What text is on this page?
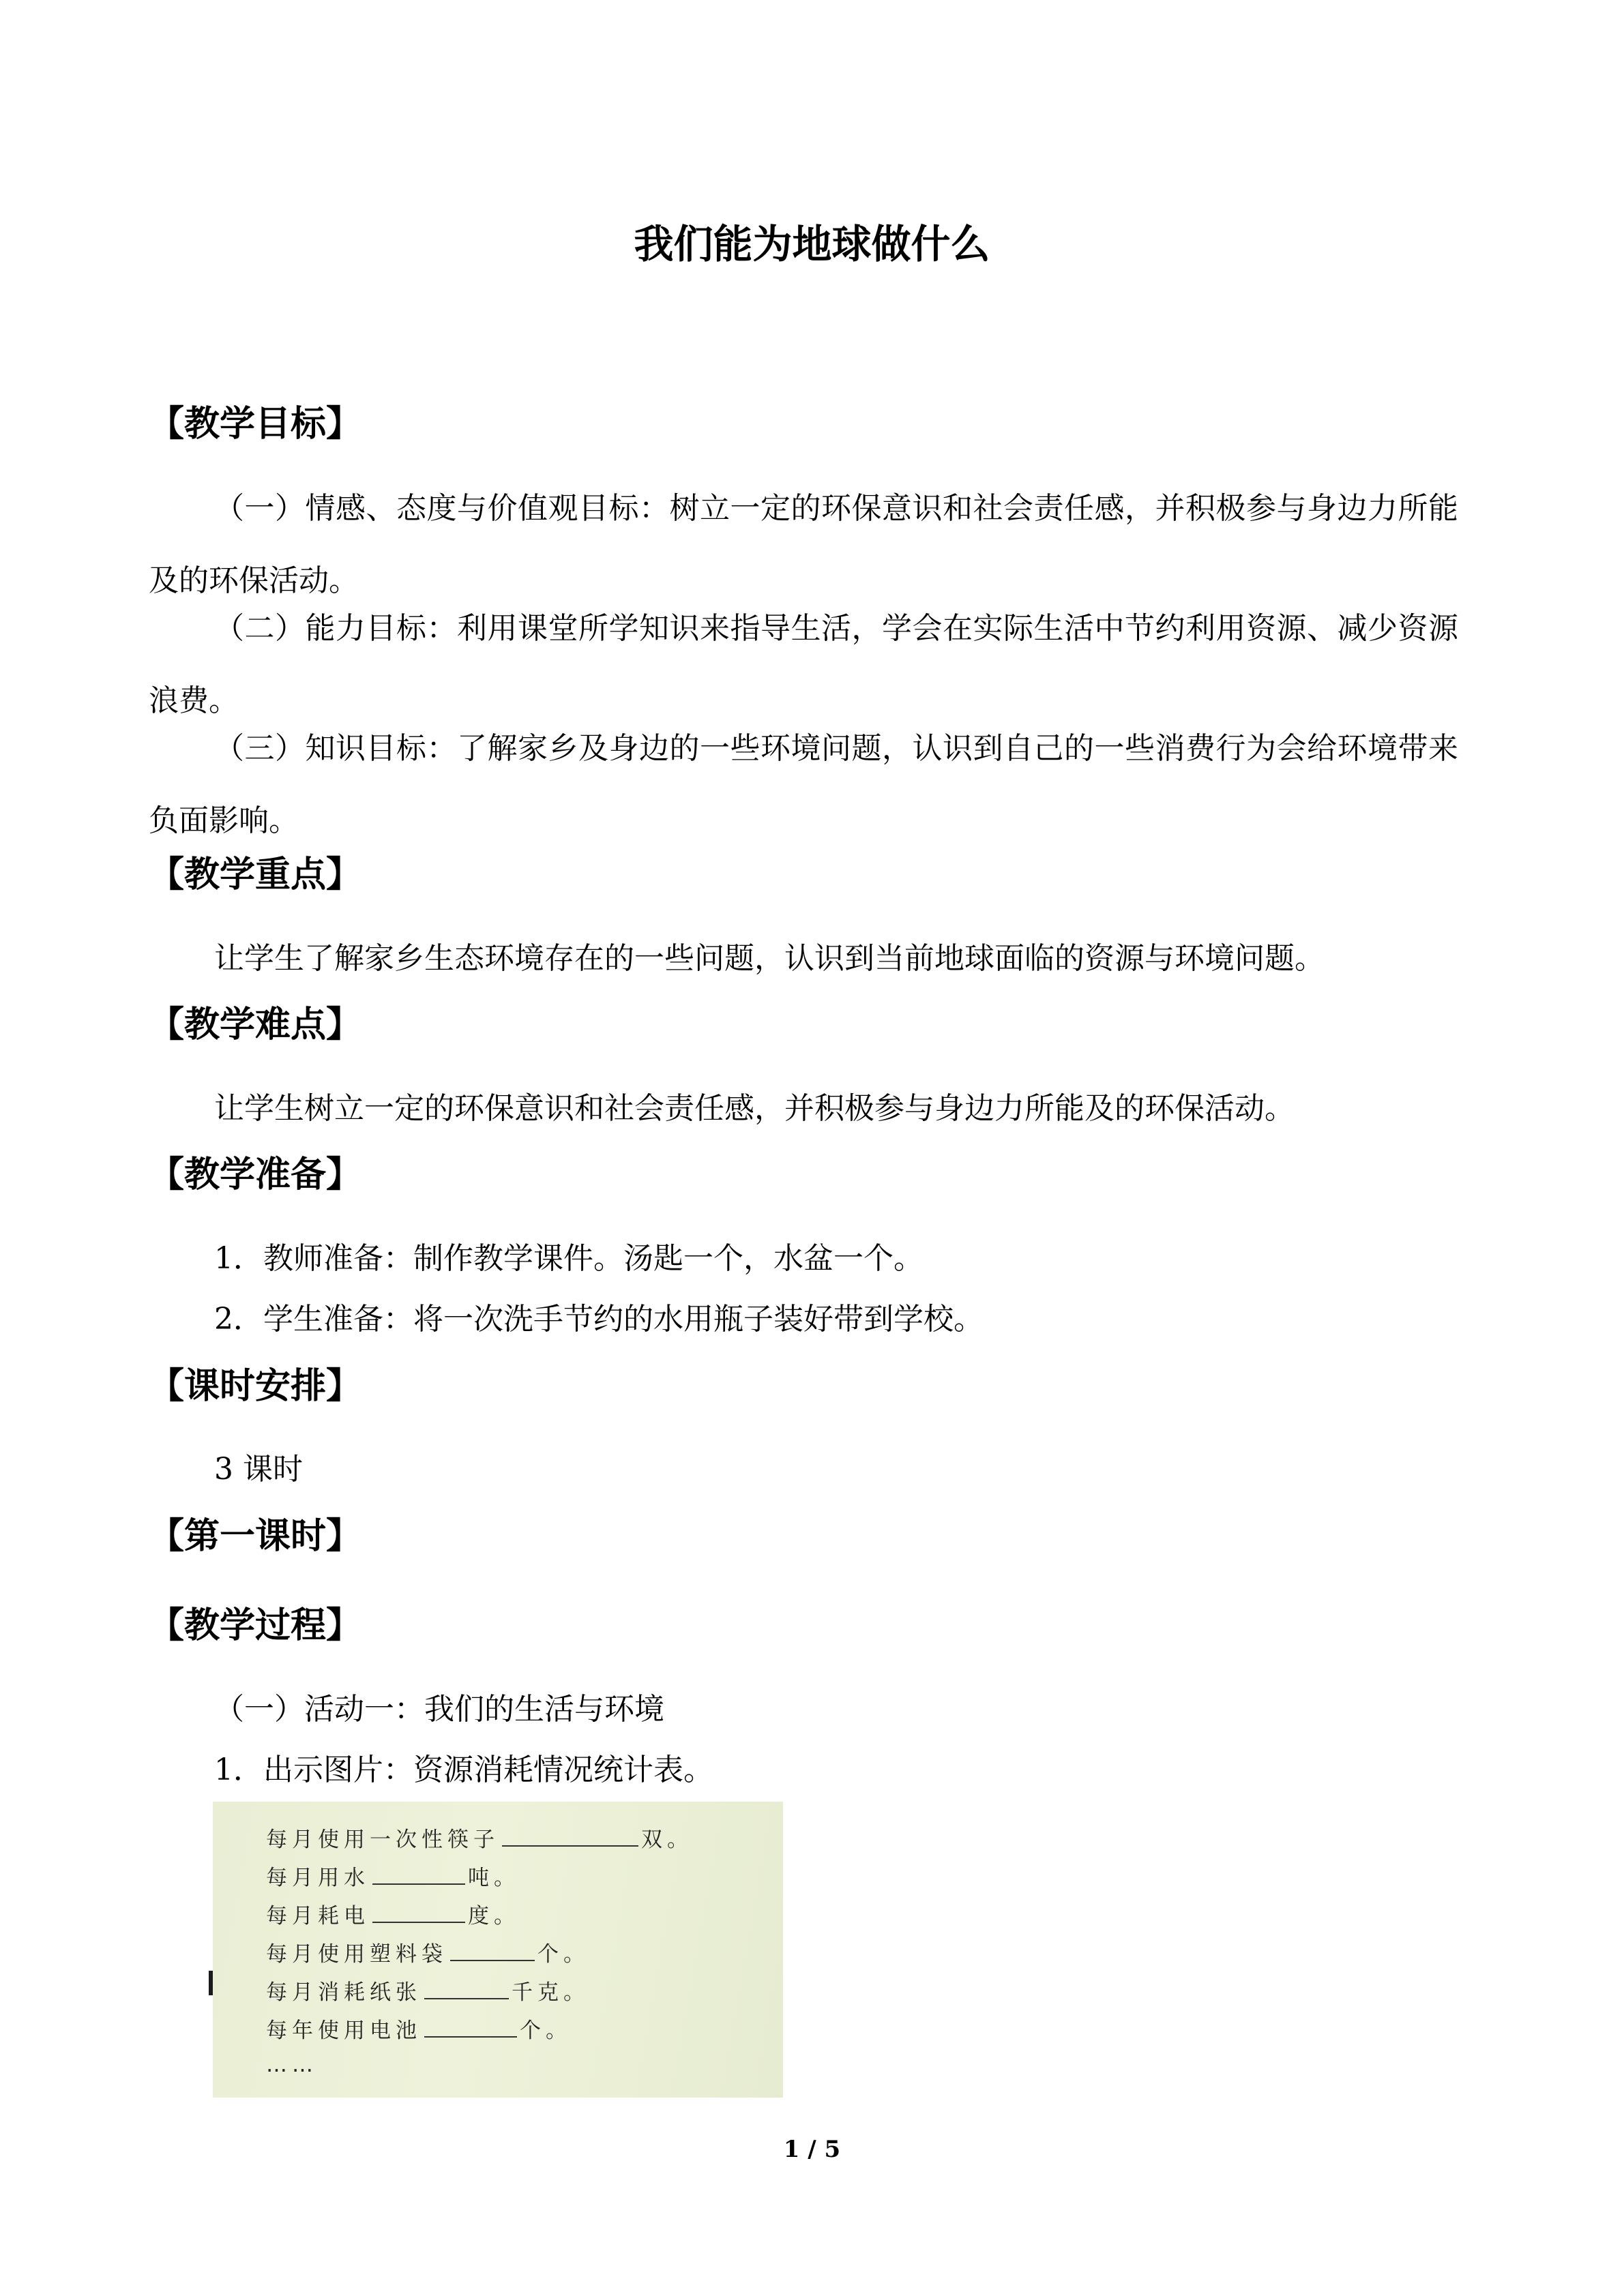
我们能为地球做什么
【教学目标】
（一）情感、态度与价值观目标：树立一定的环保意识和社会责任感，并积极参与身边力所能及的环保活动。
（二）能力目标：利用课堂所学知识来指导生活，学会在实际生活中节约利用资源、减少资源浪费。
（三）知识目标：了解家乡及身边的一些环境问题，认识到自己的一些消费行为会给环境带来负面影响。
【教学重点】
让学生了解家乡生态环境存在的一些问题，认识到当前地球面临的资源与环境问题。
【教学难点】
让学生树立一定的环保意识和社会责任感，并积极参与身边力所能及的环保活动。
【教学准备】
1．教师准备：制作教学课件。汤匙一个，水盆一个。
2．学生准备：将一次洗手节约的水用瓶子装好带到学校。
【课时安排】
3 课时
【第一课时】
【教学过程】
（一）活动一：我们的生活与环境
1．出示图片：资源消耗情况统计表。
每月使用一次性筷子	双。
每月用水	吨。
每月耗电	度。
每月使用塑料袋	个。
每月消耗纸张	千克。
每年使用电池	个。
……
1 / 5
